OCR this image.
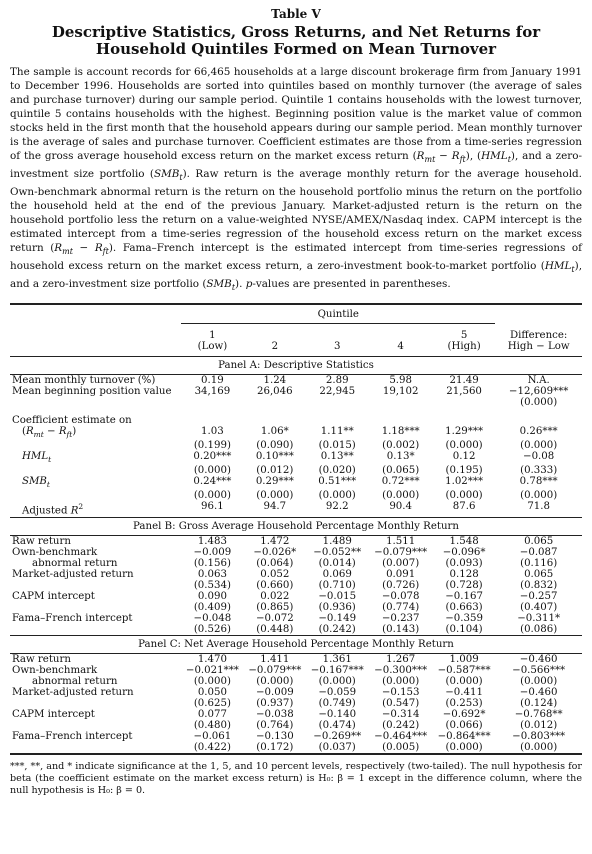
Table V
Descriptive Statistics, Gross Returns, and Net Returns for Household Quintiles Formed on Mean Turnover
The sample is account records for 66,465 households at a large discount brokerage firm from January 1991 to December 1996. Households are sorted into quintiles based on monthly turnover (the average of sales and purchase turnover) during our sample period. Quintile 1 contains households with the lowest turnover, quintile 5 contains households with the highest. Beginning position value is the market value of common stocks held in the first month that the household appears during our sample period. Mean monthly turnover is the average of sales and purchase turnover. Coefficient estimates are those from a time-series regression of the gross average household excess return on the market excess return $(R_{mt} - R_{ft})$, $(HML_t)$, and a zero-investment size portfolio $(SMB_t)$. Raw return is the average monthly return for the average household. Own-benchmark abnormal return is the return on the household portfolio minus the return on the portfolio the household held at the end of the previous January. Market-adjusted return is the return on the household portfolio less the return on a value-weighted NYSE/AMEX/Nasdaq index. CAPM intercept is the estimated intercept from a time-series regression of the household excess return on the market excess return $(R_{mt} - R_{ft})$. Fama–French intercept is the estimated intercept from time-series regressions of household excess return on the market excess return, a zero-investment book-to-market portfolio $(HML_t)$, and a zero-investment size portfolio $(SMB_t)$. p-values are presented in parentheses.

	Quintile					

	1				5	Difference:
	(Low)	2	3	4	(High)	High − Low

Panel A: Descriptive Statistics						

Mean monthly turnover (%)	0.19	1.24	2.89	5.98	21.49	N.A.
Mean beginning position value	34,169	26,046	22,945	19,102	21,560	−12,609***
						(0.000)

Coefficient estimate on						
$(R_{mt} - R_{ft})$	1.03	1.06*	1.11**	1.18***	1.29***	0.26***
	(0.199)	(0.090)	(0.015)	(0.002)	(0.000)	(0.000)
$HML_t$	0.20***	0.10***	0.13**	0.13*	0.12	−0.08
	(0.000)	(0.012)	(0.020)	(0.065)	(0.195)	(0.333)
$SMB_t$	0.24***	0.29***	0.51***	0.72***	1.02***	0.78***
	(0.000)	(0.000)	(0.000)	(0.000)	(0.000)	(0.000)
Adjusted $R^2$	96.1	94.7	92.2	90.4	87.6	71.8

Panel B: Gross Average Household Percentage Monthly Return						

Raw return	1.483	1.472	1.489	1.511	1.548	0.065
Own-benchmark	−0.009	−0.026*	−0.052**	−0.079***	−0.096*	−0.087
abnormal return	(0.156)	(0.064)	(0.014)	(0.007)	(0.093)	(0.116)
Market-adjusted return	0.063	0.052	0.069	0.091	0.128	0.065
	(0.534)	(0.660)	(0.710)	(0.726)	(0.728)	(0.832)
CAPM intercept	0.090	0.022	−0.015	−0.078	−0.167	−0.257
	(0.409)	(0.865)	(0.936)	(0.774)	(0.663)	(0.407)
Fama–French intercept	−0.048	−0.072	−0.149	−0.237	−0.359	−0.311*
	(0.526)	(0.448)	(0.242)	(0.143)	(0.104)	(0.086)

Panel C: Net Average Household Percentage Monthly Return						

Raw return	1.470	1.411	1.361	1.267	1.009	−0.460
Own-benchmark	−0.021***	−0.079***	−0.167***	−0.300***	−0.587***	−0.566***
abnormal return	(0.000)	(0.000)	(0.000)	(0.000)	(0.000)	(0.000)
Market-adjusted return	0.050	−0.009	−0.059	−0.153	−0.411	−0.460
	(0.625)	(0.937)	(0.749)	(0.547)	(0.253)	(0.124)
CAPM intercept	0.077	−0.038	−0.140	−0.314	−0.692*	−0.768**
	(0.480)	(0.764)	(0.474)	(0.242)	(0.066)	(0.012)
Fama–French intercept	−0.061	−0.130	−0.269**	−0.464***	−0.864***	−0.803***
	(0.422)	(0.172)	(0.037)	(0.005)	(0.000)	(0.000)

***, **, and * indicate significance at the 1, 5, and 10 percent levels, respectively (two-tailed). The null hypothesis for beta (the coefficient estimate on the market excess return) is H₀: β = 1 except in the difference column, where the null hypothesis is H₀: β = 0.
